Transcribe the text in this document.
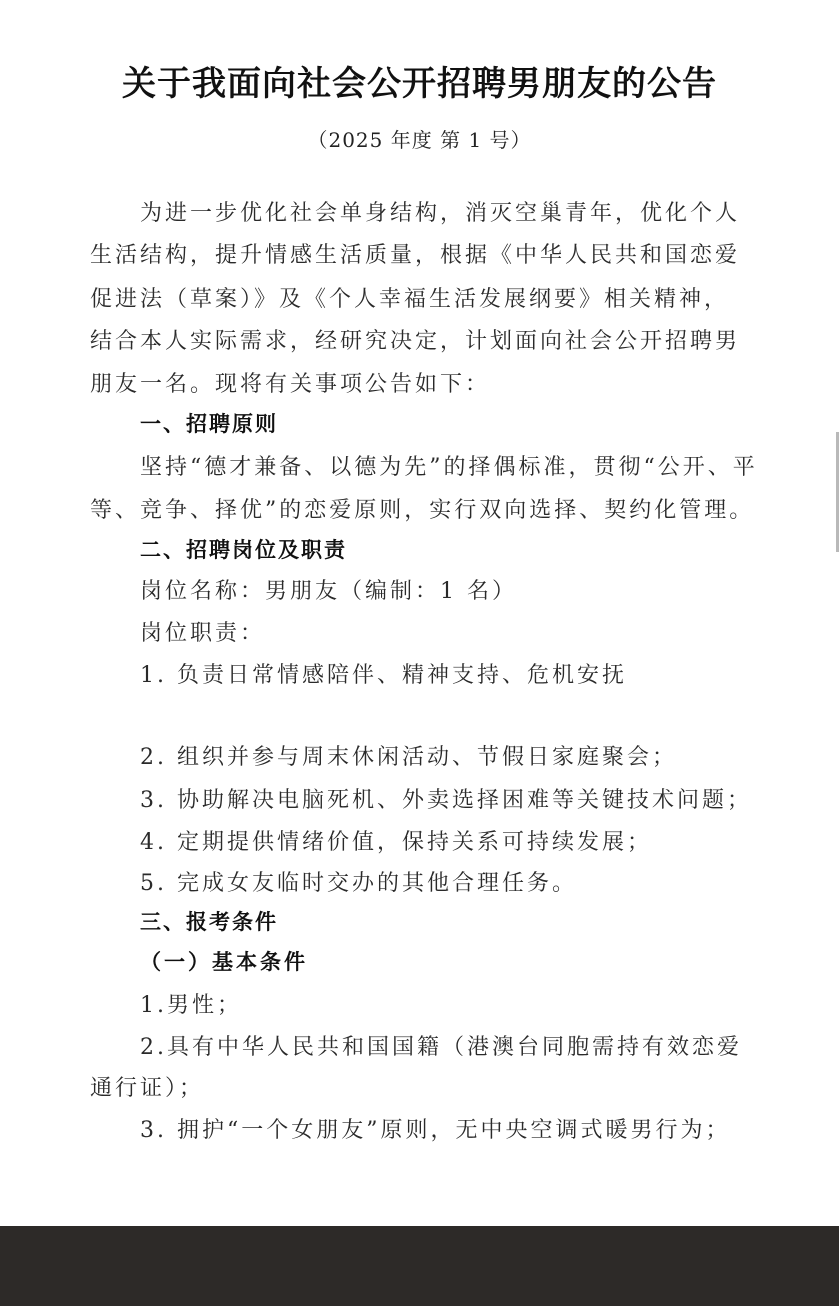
关于我面向社会公开招聘男朋友的公告
（2025 年度 第 1 号）
为进一步优化社会单身结构，消灭空巢青年，优化个人
生活结构，提升情感生活质量，根据《中华人民共和国恋爱
促进法（草案）》及《个人幸福生活发展纲要》相关精神，
结合本人实际需求，经研究决定，计划面向社会公开招聘男
朋友一名。现将有关事项公告如下：
一、招聘原则
坚持“德才兼备、以德为先”的择偶标准，贯彻“公开、平
等、竞争、择优”的恋爱原则，实行双向选择、契约化管理。
二、招聘岗位及职责
岗位名称：男朋友（编制：1 名）
岗位职责：
1. 负责日常情感陪伴、精神支持、危机安抚
2. 组织并参与周末休闲活动、节假日家庭聚会；
3. 协助解决电脑死机、外卖选择困难等关键技术问题；
4. 定期提供情绪价值，保持关系可持续发展；
5. 完成女友临时交办的其他合理任务。
三、报考条件
（一）基本条件
1.男性；
2.具有中华人民共和国国籍（港澳台同胞需持有效恋爱
通行证）；
3. 拥护“一个女朋友”原则，无中央空调式暖男行为；
